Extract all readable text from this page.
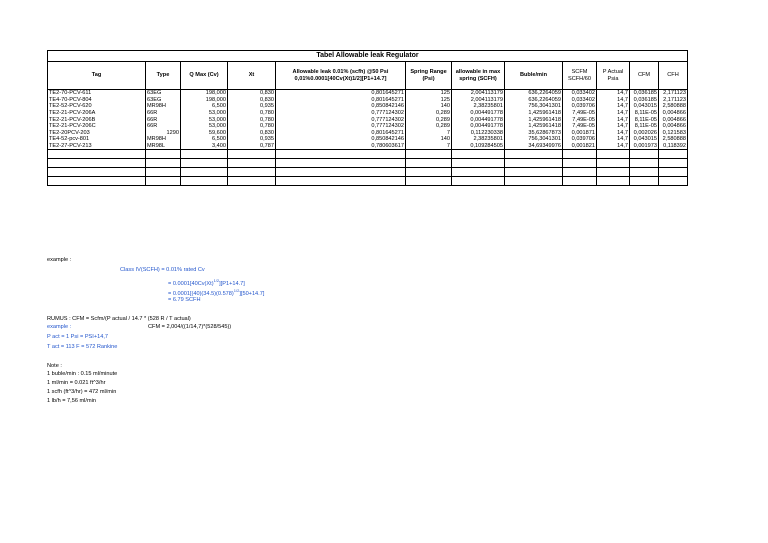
Tabel Allowable leak Regulator											
Tag	Type	Q Max (Cv)	Xt	Allowable leak 0.01% (scfh) @50 Psi 0,01%0.0001[40Cv(Xt)1/2][P1+14.7]	Spring Range (Psi)	allowable in max spring (SCFH)	Buble/min	SCFM SCFH/60	P Actual Psia	CFM	CFH
TE2-70-PCV-611	63EG	198,000	0,830	0,801645271	125	2,004113179	636,2264059	0,033402	14,7	0,036185	2,171123
TE4-70-PCV-804	63EG	198,000	0,830	0,801645271	125	2,004113179	636,2264059	0,033402	14,7	0,036185	2,171123
TE2-52-PCV-620	MR98H	6,500	0,935	0,850842146	140	2,38235801	756,3041301	0,039706	14,7	0,043015	2,580888
TE2-21-PCV-206A	66R	53,000	0,780	0,777124302	0,289	0,004491778	1,425961418	7,49E-05	14,7	8,11E-05	0,004866
TE2-21-PCV-206B	66R	53,000	0,780	0,777124302	0,289	0,004491778	1,425961418	7,49E-05	14,7	8,11E-05	0,004866
TE2-21-PCV-206C	66R	53,000	0,780	0,777124302	0,289	0,004491778	1,425961418	7,49E-05	14,7	8,11E-05	0,004866
TE2-20PCV-203	1290	59,600	0,830	0,801645271	7	0,112230338	35,62867873	0,001871	14,7	0,002026	0,121583
TE4-52-pcv-801	MR98H	6,500	0,935	0,850842146	140	2,38235801	756,3041301	0,039706	14,7	0,043015	2,580888
TE2-27-PCV-213	MR98L	3,400	0,787	0,780603617	7	0,109284505	34,69349976	0,001821	14,7	0,001973	0,118392

example :
Class IV(SCFH) = 0.01% rated Cv
= $0.0001[40Cv(Xt)^{1/2}][P1+14.7]$
= $0.0001[(40)(34.5)(0.578)^{1/2}][50+14.7]$
= 6.79 SCFH
RUMUS : CFM = Scfm/(P actual / 14.7 * (528 R / T actual)
example :	CFM = 2,004/((1/14,7)*(528/545))
P act = 1 Psi = PSI+14,7
T act = 113 F = 572 Rankine
Note :
1 buble/min : 0.15 ml/minute
1 ml/min = 0.021 ft^3/hr
1 scfh (ft^3/hr) = 472 ml/min
1 lb/h = 7,56 ml/min
